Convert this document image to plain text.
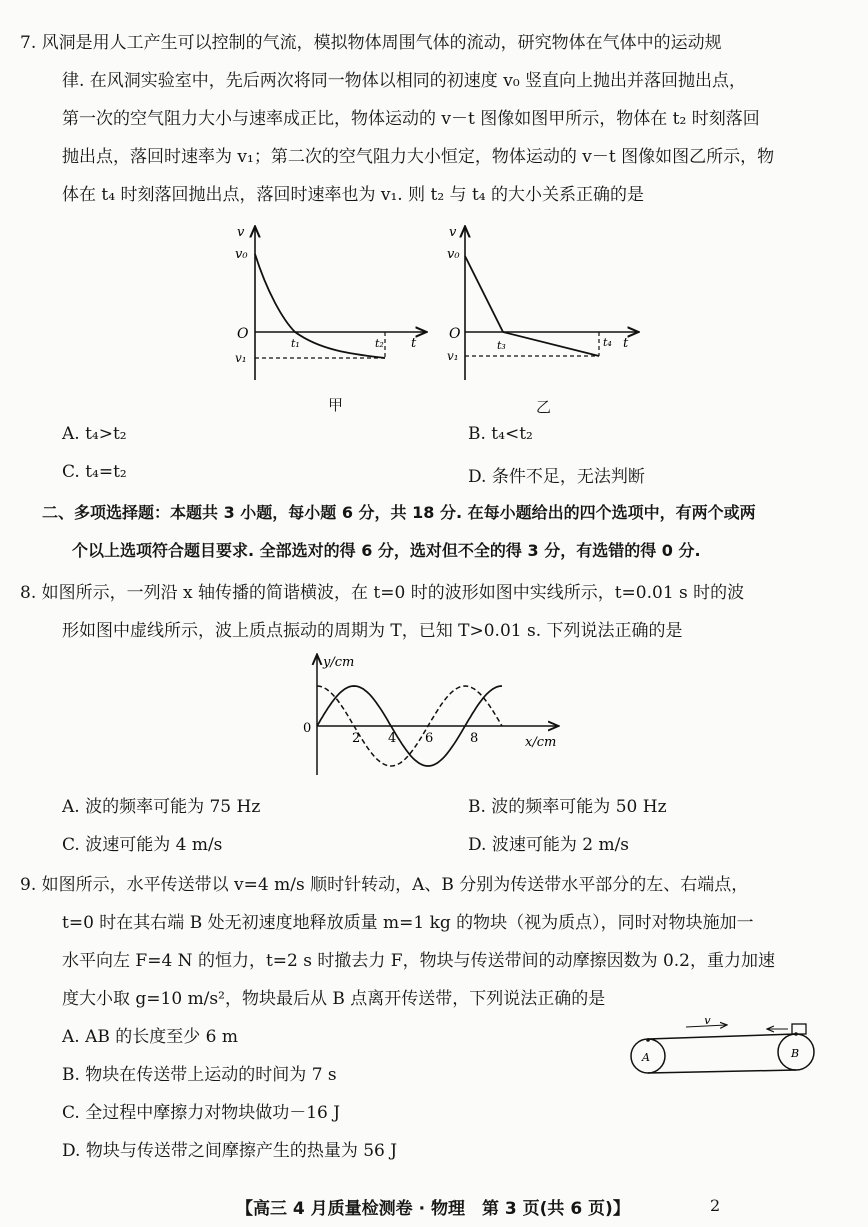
7. 风洞是用人工产生可以控制的气流，模拟物体周围气体的流动，研究物体在气体中的运动规

律. 在风洞实验室中，先后两次将同一物体以相同的初速度 v₀ 竖直向上抛出并落回抛出点，

第一次的空气阻力大小与速率成正比，物体运动的 v－t 图像如图甲所示，物体在 t₂ 时刻落回

抛出点，落回时速率为 v₁；第二次的空气阻力大小恒定，物体运动的 v－t 图像如图乙所示，物

体在 t₄ 时刻落回抛出点，落回时速率也为 v₁. 则 t₂ 与 t₄ 的大小关系正确的是

v
v₀
O
t₁	t₂ t
v₁
甲
v
v₀
O
t₃	t₄ t
v₁
乙
A. t₄>t₂	B. t₄<t₂
C. t₄=t₂	D. 条件不足，无法判断

二、多项选择题：本题共 3 小题，每小题 6 分，共 18 分. 在每小题给出的四个选项中，有两个或两

个以上选项符合题目要求. 全部选对的得 6 分，选对但不全的得 3 分，有选错的得 0 分.

8. 如图所示，一列沿 x 轴传播的简谐横波，在 t=0 时的波形如图中实线所示，t=0.01 s 时的波

形如图中虚线所示，波上质点振动的周期为 T，已知 T>0.01 s. 下列说法正确的是

y/cm
0
2 4 6	8	x/cm
A. 波的频率可能为 75 Hz	B. 波的频率可能为 50 Hz
C. 波速可能为 4 m/s	D. 波速可能为 2 m/s

9. 如图所示，水平传送带以 v=4 m/s 顺时针转动，A、B 分别为传送带水平部分的左、右端点，

t=0 时在其右端 B 处无初速度地释放质量 m=1 kg 的物块（视为质点），同时对物块施加一

水平向左 F=4 N 的恒力，t=2 s 时撤去力 F，物块与传送带间的动摩擦因数为 0.2，重力加速

度大小取 g=10 m/s²，物块最后从 B 点离开传送带，下列说法正确的是

A. AB 的长度至少 6 m
B. 物块在传送带上运动的时间为 7 s
C. 全过程中摩擦力对物块做功－16 J
D. 物块与传送带之间摩擦产生的热量为 56 J
v
A	B
【高三 4 月质量检测卷 · 物理　第 3 页(共 6 页)】	2
